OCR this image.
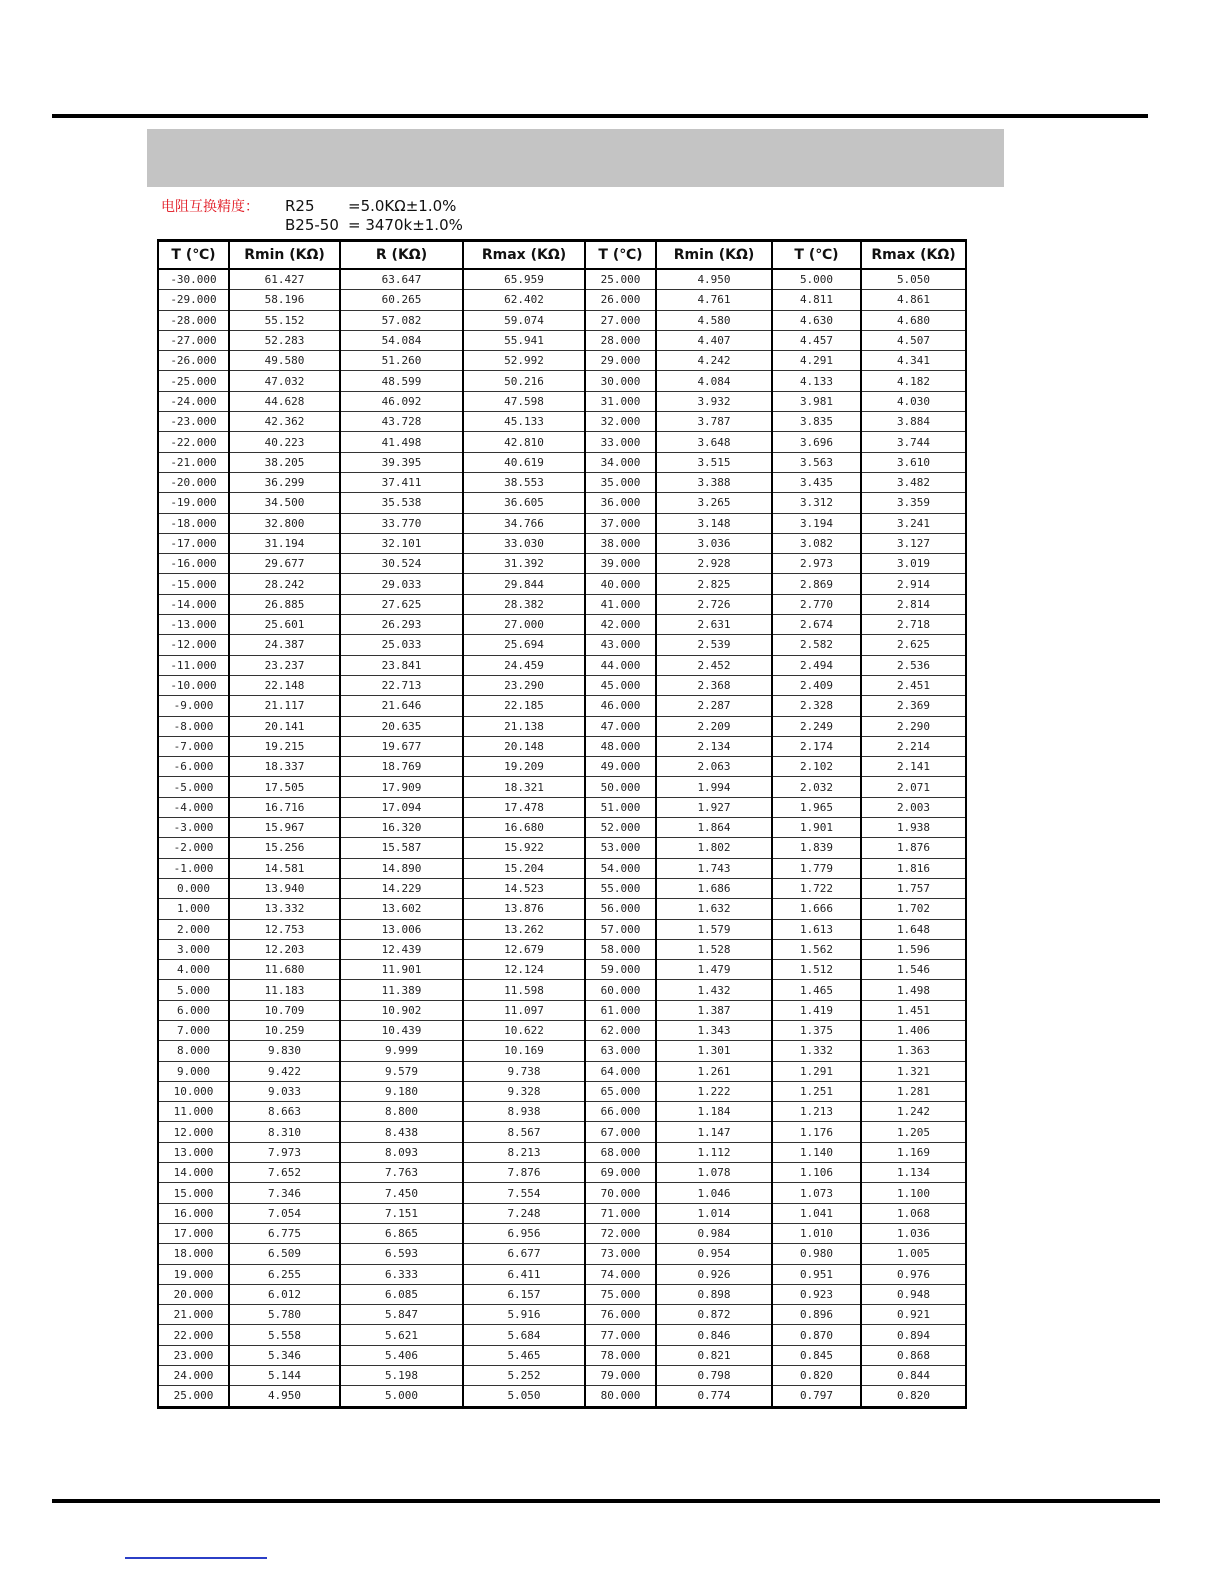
电阻互换精度： R25 =5.0KΩ±1.0%
B25-50 = 3470k±1.0%
T (℃)	Rmin (KΩ)	R (KΩ)	Rmax (KΩ)	T (℃)	Rmin (KΩ)	T (℃)	Rmax (KΩ)
-30.000	61.427	63.647	65.959	25.000	4.950	5.000	5.050
-29.000	58.196	60.265	62.402	26.000	4.761	4.811	4.861
-28.000	55.152	57.082	59.074	27.000	4.580	4.630	4.680
-27.000	52.283	54.084	55.941	28.000	4.407	4.457	4.507
-26.000	49.580	51.260	52.992	29.000	4.242	4.291	4.341
-25.000	47.032	48.599	50.216	30.000	4.084	4.133	4.182
-24.000	44.628	46.092	47.598	31.000	3.932	3.981	4.030
-23.000	42.362	43.728	45.133	32.000	3.787	3.835	3.884
-22.000	40.223	41.498	42.810	33.000	3.648	3.696	3.744
-21.000	38.205	39.395	40.619	34.000	3.515	3.563	3.610
-20.000	36.299	37.411	38.553	35.000	3.388	3.435	3.482
-19.000	34.500	35.538	36.605	36.000	3.265	3.312	3.359
-18.000	32.800	33.770	34.766	37.000	3.148	3.194	3.241
-17.000	31.194	32.101	33.030	38.000	3.036	3.082	3.127
-16.000	29.677	30.524	31.392	39.000	2.928	2.973	3.019
-15.000	28.242	29.033	29.844	40.000	2.825	2.869	2.914
-14.000	26.885	27.625	28.382	41.000	2.726	2.770	2.814
-13.000	25.601	26.293	27.000	42.000	2.631	2.674	2.718
-12.000	24.387	25.033	25.694	43.000	2.539	2.582	2.625
-11.000	23.237	23.841	24.459	44.000	2.452	2.494	2.536
-10.000	22.148	22.713	23.290	45.000	2.368	2.409	2.451
-9.000	21.117	21.646	22.185	46.000	2.287	2.328	2.369
-8.000	20.141	20.635	21.138	47.000	2.209	2.249	2.290
-7.000	19.215	19.677	20.148	48.000	2.134	2.174	2.214
-6.000	18.337	18.769	19.209	49.000	2.063	2.102	2.141
-5.000	17.505	17.909	18.321	50.000	1.994	2.032	2.071
-4.000	16.716	17.094	17.478	51.000	1.927	1.965	2.003
-3.000	15.967	16.320	16.680	52.000	1.864	1.901	1.938
-2.000	15.256	15.587	15.922	53.000	1.802	1.839	1.876
-1.000	14.581	14.890	15.204	54.000	1.743	1.779	1.816
0.000	13.940	14.229	14.523	55.000	1.686	1.722	1.757
1.000	13.332	13.602	13.876	56.000	1.632	1.666	1.702
2.000	12.753	13.006	13.262	57.000	1.579	1.613	1.648
3.000	12.203	12.439	12.679	58.000	1.528	1.562	1.596
4.000	11.680	11.901	12.124	59.000	1.479	1.512	1.546
5.000	11.183	11.389	11.598	60.000	1.432	1.465	1.498
6.000	10.709	10.902	11.097	61.000	1.387	1.419	1.451
7.000	10.259	10.439	10.622	62.000	1.343	1.375	1.406
8.000	9.830	9.999	10.169	63.000	1.301	1.332	1.363
9.000	9.422	9.579	9.738	64.000	1.261	1.291	1.321
10.000	9.033	9.180	9.328	65.000	1.222	1.251	1.281
11.000	8.663	8.800	8.938	66.000	1.184	1.213	1.242
12.000	8.310	8.438	8.567	67.000	1.147	1.176	1.205
13.000	7.973	8.093	8.213	68.000	1.112	1.140	1.169
14.000	7.652	7.763	7.876	69.000	1.078	1.106	1.134
15.000	7.346	7.450	7.554	70.000	1.046	1.073	1.100
16.000	7.054	7.151	7.248	71.000	1.014	1.041	1.068
17.000	6.775	6.865	6.956	72.000	0.984	1.010	1.036
18.000	6.509	6.593	6.677	73.000	0.954	0.980	1.005
19.000	6.255	6.333	6.411	74.000	0.926	0.951	0.976
20.000	6.012	6.085	6.157	75.000	0.898	0.923	0.948
21.000	5.780	5.847	5.916	76.000	0.872	0.896	0.921
22.000	5.558	5.621	5.684	77.000	0.846	0.870	0.894
23.000	5.346	5.406	5.465	78.000	0.821	0.845	0.868
24.000	5.144	5.198	5.252	79.000	0.798	0.820	0.844
25.000	4.950	5.000	5.050	80.000	0.774	0.797	0.820
